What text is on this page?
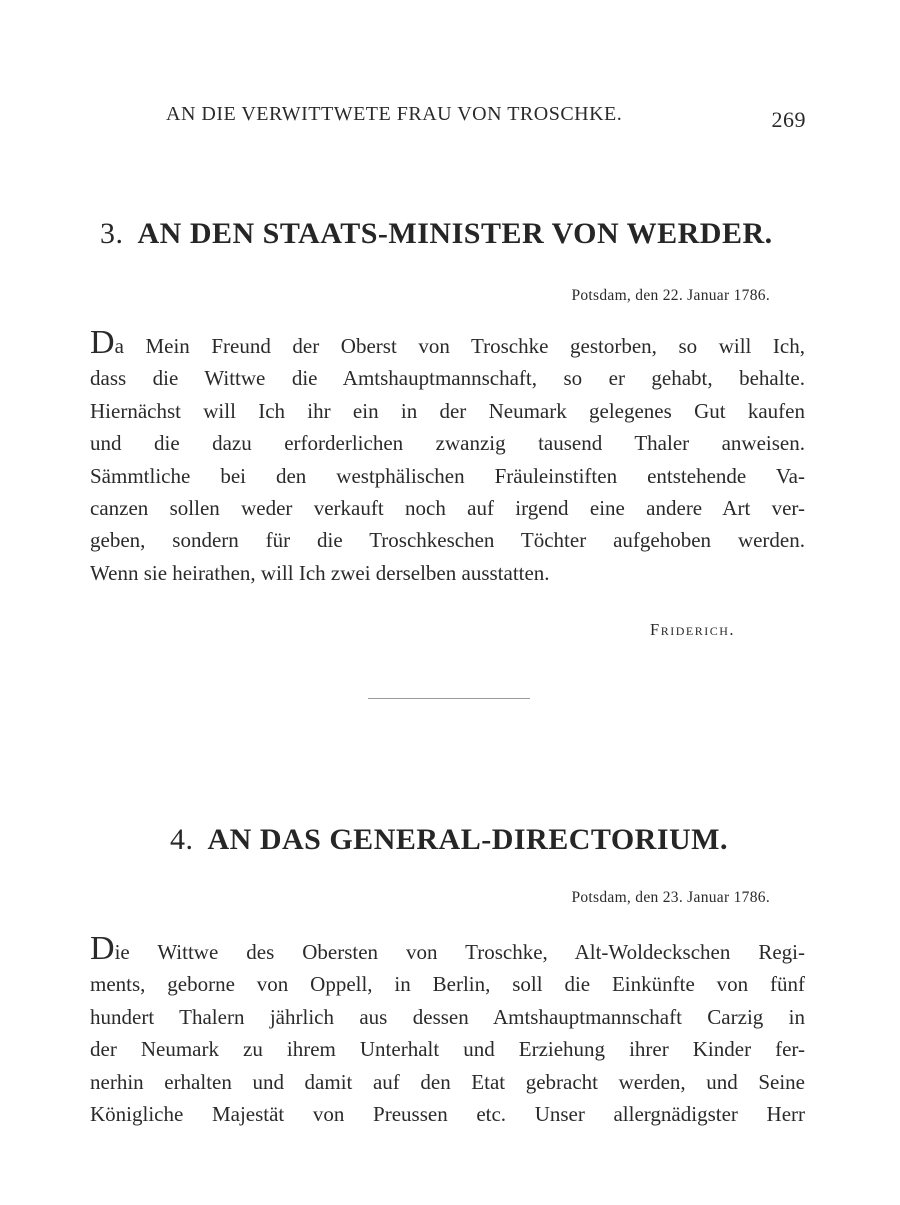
AN DIE VERWITTWETE FRAU VON TROSCHKE.	269
3. AN DEN STAATS-MINISTER VON WERDER.
Potsdam, den 22. Januar 1786.
Da Mein Freund der Oberst von Troschke gestorben, so will Ich,
dass die Wittwe die Amtshauptmannschaft, so er gehabt, behalte.
Hiernächst will Ich ihr ein in der Neumark gelegenes Gut kaufen
und die dazu erforderlichen zwanzig tausend Thaler anweisen.
Sämmtliche bei den westphälischen Fräuleinstiften entstehende Va-
canzen sollen weder verkauft noch auf irgend eine andere Art ver-
geben, sondern für die Troschkeschen Töchter aufgehoben werden.
Wenn sie heirathen, will Ich zwei derselben ausstatten.
Friderich.
4. AN DAS GENERAL-DIRECTORIUM.
Potsdam, den 23. Januar 1786.
Die Wittwe des Obersten von Troschke, Alt-Woldeckschen Regi-
ments, geborne von Oppell, in Berlin, soll die Einkünfte von fünf
hundert Thalern jährlich aus dessen Amtshauptmannschaft Carzig in
der Neumark zu ihrem Unterhalt und Erziehung ihrer Kinder fer-
nerhin erhalten und damit auf den Etat gebracht werden, und Seine
Königliche Majestät von Preussen etc. Unser allergnädigster Herr
